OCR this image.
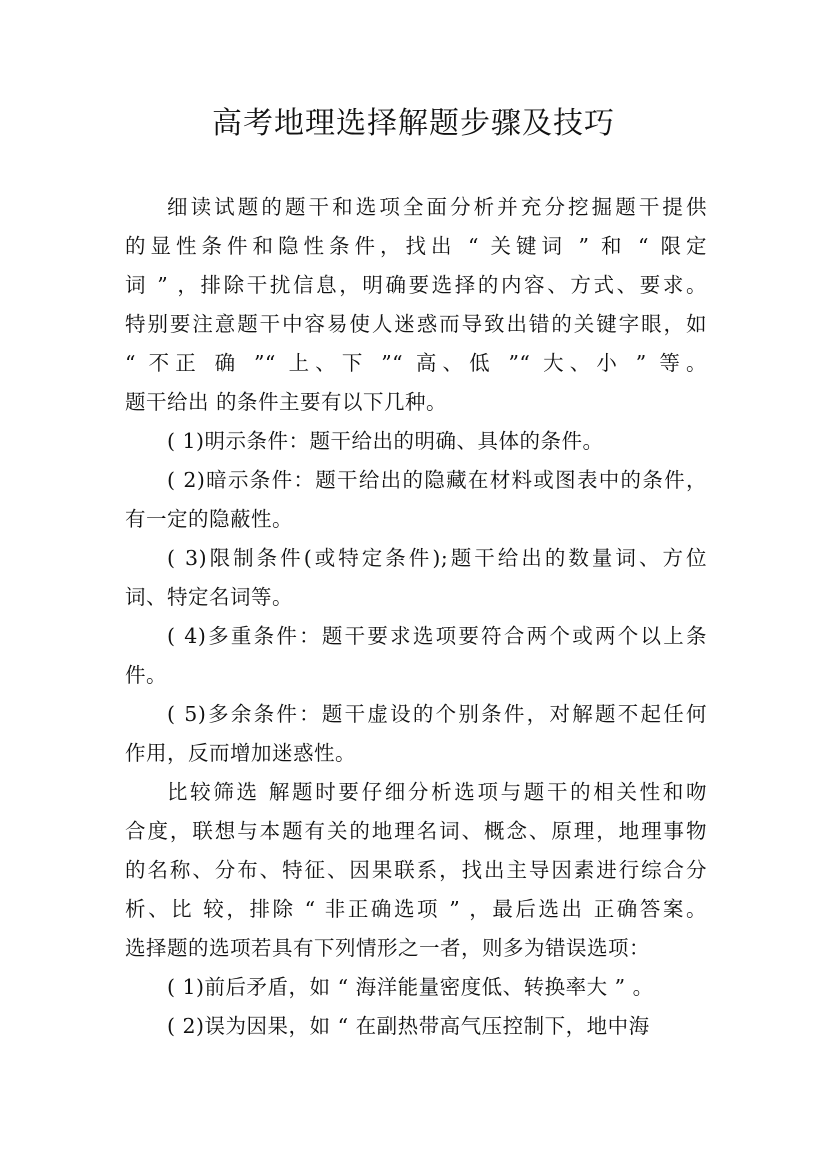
高考地理选择解题步骤及技巧
细读试题的题干和选项全面分析并充分挖掘题干提供
的显性条件和隐性条件，找出 “ 关键词 ” 和 “ 限定
词 ” ，排除干扰信息，明确要选择的内容、方式、要求。
特别要注意题干中容易使人迷惑而导致出错的关键字眼，如
“ 不正 确 ”“ 上、下 ”“ 高、低 ”“ 大、小 ” 等。
题干给出 的条件主要有以下几种。
( 1)明示条件：题干给出的明确、具体的条件。
( 2)暗示条件：题干给出的隐藏在材料或图表中的条件，
有一定的隐蔽性。
( 3)限制条件(或特定条件);题干给出的数量词、方位
词、特定名词等。
( 4)多重条件：题干要求选项要符合两个或两个以上条
件。
( 5)多余条件：题干虚设的个别条件，对解题不起任何
作用，反而增加迷惑性。
比较筛选 解题时要仔细分析选项与题干的相关性和吻
合度，联想与本题有关的地理名词、概念、原理，地理事物
的名称、分布、特征、因果联系，找出主导因素进行综合分
析、比 较，排除 “ 非正确选项 ” ，最后选出 正确答案。
选择题的选项若具有下列情形之一者，则多为错误选项：
( 1)前后矛盾，如 “ 海洋能量密度低、转换率大 ” 。
( 2)误为因果，如 “ 在副热带高气压控制下，地中海
